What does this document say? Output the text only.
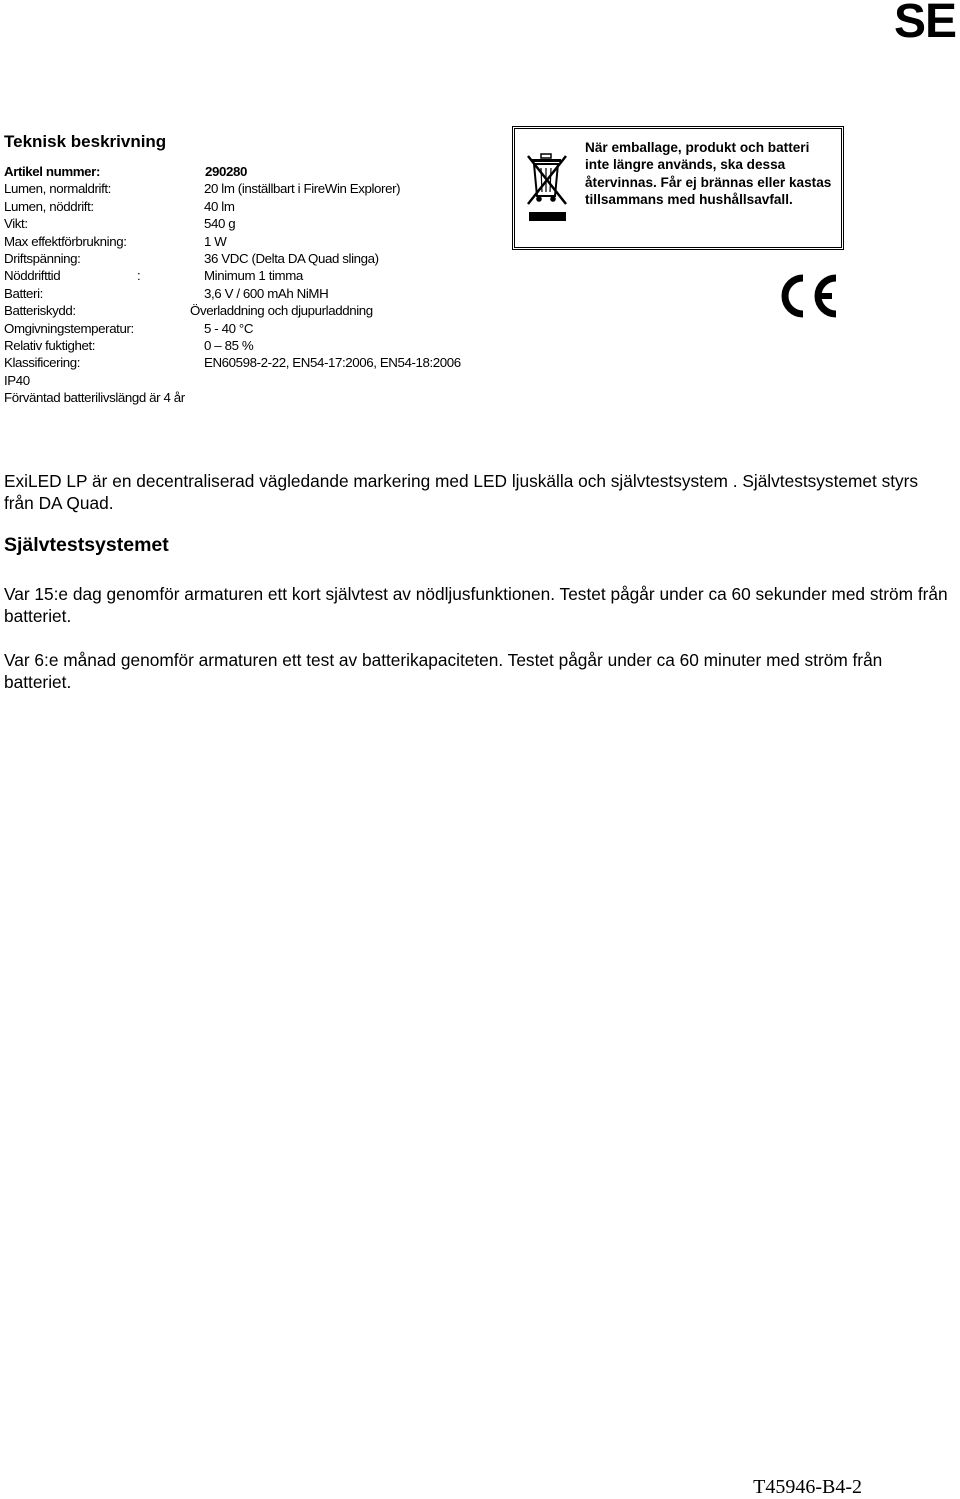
SE
Teknisk beskrivning
Artikel nummer:	290280
Lumen, normaldrift:	20 lm (inställbart i FireWin Explorer)
Lumen, nöddrift:	40 lm
Vikt:	540 g
Max effektförbrukning:	1 W
Driftspänning:	36 VDC (Delta DA Quad slinga)
Nöddrifttid	:	Minimum 1 timma
Batteri:	3,6 V / 600 mAh NiMH
Batteriskydd:	Överladdning och djupurladdning
Omgivningstemperatur:	5 - 40 °C
Relativ fuktighet:	0 – 85 %
Klassificering:	EN60598-2-22, EN54-17:2006, EN54-18:2006
IP40
Förväntad batterilivslängd är 4 år
När emballage, produkt och batteri inte längre används, ska dessa återvinnas. Får ej brännas eller kastas tillsammans med hushållsavfall.
ExiLED LP är en decentraliserad vägledande markering med LED ljuskälla och självtestsystem . Självtestsystemet styrs från DA Quad.
Självtestsystemet
Var 15:e dag genomför armaturen ett kort självtest av nödljusfunktionen. Testet pågår under ca 60 sekunder med ström från batteriet.
Var 6:e månad genomför armaturen ett test av batterikapaciteten. Testet pågår under ca 60 minuter med ström från batteriet.
T45946-B4-2
